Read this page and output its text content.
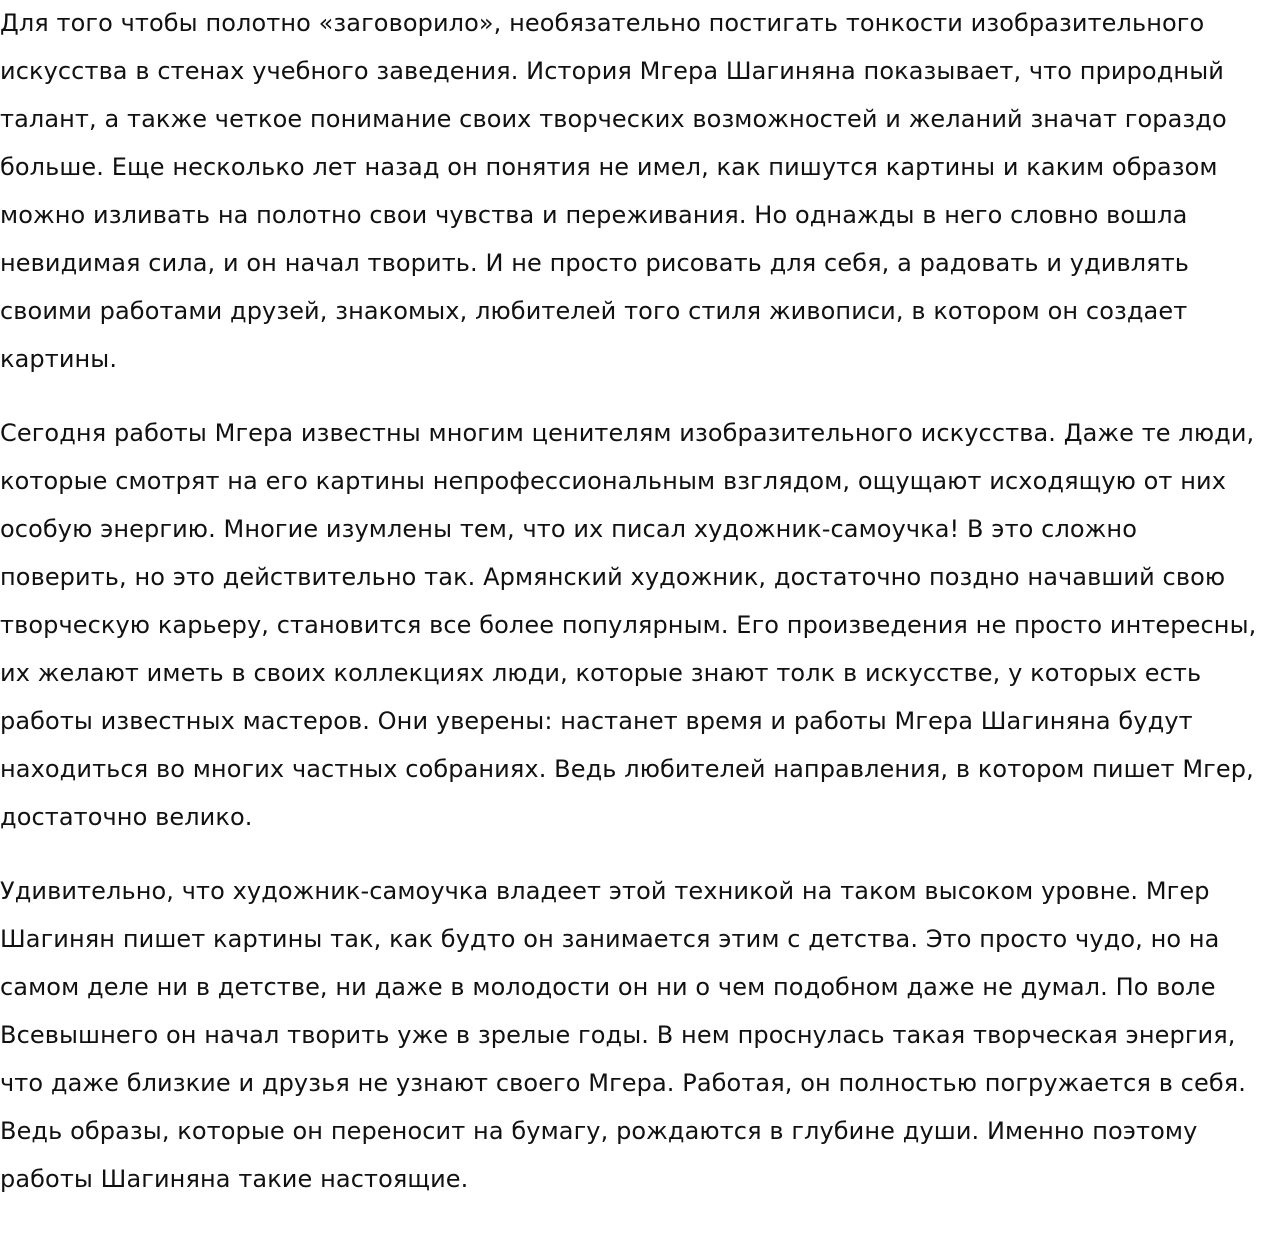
Для того чтобы полотно «заговорило», необязательно постигать тонкости изобразительного искусства в стенах учебного заведения. История Мгера Шагиняна показывает, что природный талант, а также четкое понимание своих творческих возможностей и желаний значат гораздо больше. Еще несколько лет назад он понятия не имел, как пишутся картины и каким образом можно изливать на полотно свои чувства и переживания. Но однажды в него словно вошла невидимая сила, и он начал творить. И не просто рисовать для себя, а радовать и удивлять своими работами друзей, знакомых, любителей того стиля живописи, в котором он создает картины.

Сегодня работы Мгера известны многим ценителям изобразительного искусства. Даже те люди, которые смотрят на его картины непрофессиональным взглядом, ощущают исходящую от них особую энергию. Многие изумлены тем, что их писал художник-самоучка! В это сложно поверить, но это действительно так. Армянский художник, достаточно поздно начавший свою творческую карьеру, становится все более популярным. Его произведения не просто интересны, их желают иметь в своих коллекциях люди, которые знают толк в искусстве, у которых есть работы известных мастеров. Они уверены: настанет время и работы Мгера Шагиняна будут находиться во многих частных собраниях. Ведь любителей направления, в котором пишет Мгер, достаточно велико.

Удивительно, что художник-самоучка владеет этой техникой на таком высоком уровне. Мгер Шагинян пишет картины так, как будто он занимается этим с детства. Это просто чудо, но на самом деле ни в детстве, ни даже в молодости он ни о чем подобном даже не думал. По воле Всевышнего он начал творить уже в зрелые годы. В нем проснулась такая творческая энергия, что даже близкие и друзья не узнают своего Мгера. Работая, он полностью погружается в себя. Ведь образы, которые он переносит на бумагу, рождаются в глубине души. Именно поэтому работы Шагиняна такие настоящие.
